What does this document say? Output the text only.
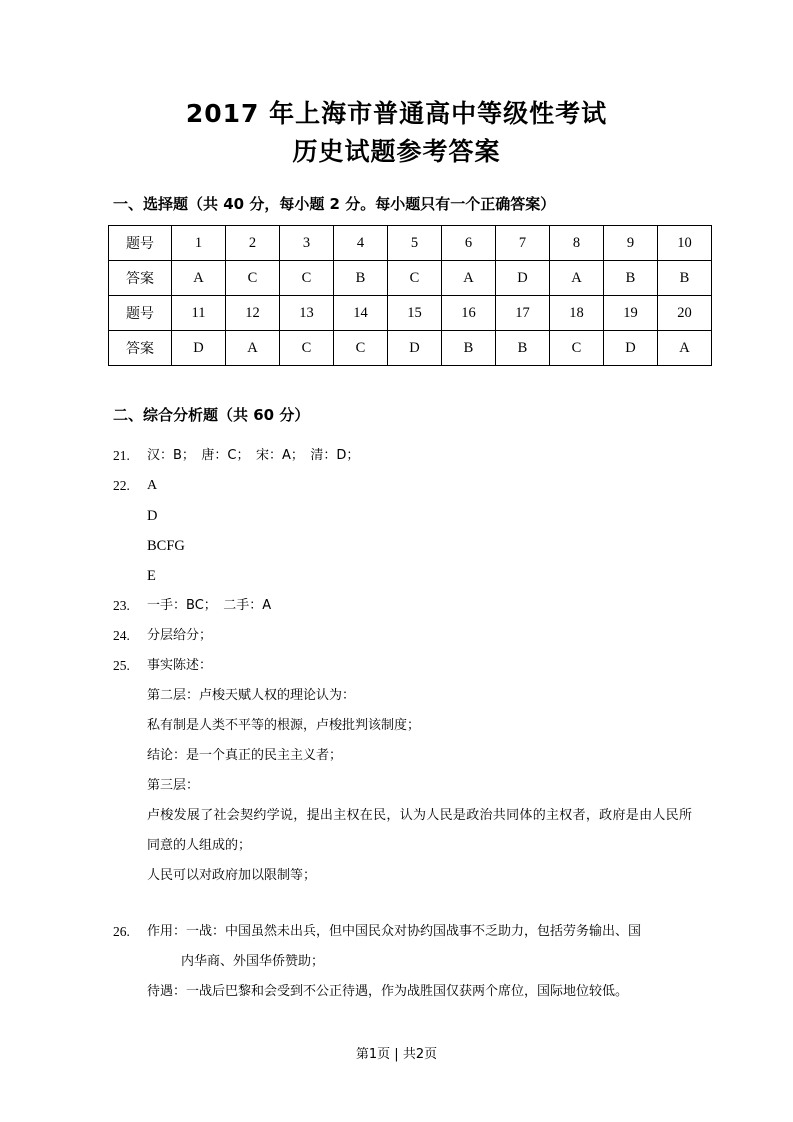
2017 年上海市普通高中等级性考试
历史试题参考答案
一、选择题（共 40 分，每小题 2 分。每小题只有一个正确答案）
题号	1	2	3	4	5	6	7	8	9	10
答案	A	C	C	B	C	A	D	A	B	B
题号	11	12	13	14	15	16	17	18	19	20
答案	D	A	C	C	D	B	B	C	D	A
二、综合分析题（共 60 分）
21.	汉：B；　唐：C；　宋：A；　清：D；
22.	A
D
BCFG
E
23.	一手：BC；　二手：A
24.	分层给分；
25.	事实陈述：
第二层：卢梭天赋人权的理论认为：
私有制是人类不平等的根源，卢梭批判该制度；
结论：是一个真正的民主主义者；
第三层：
卢梭发展了社会契约学说，提出主权在民，认为人民是政治共同体的主权者，政府是由人民所同意的人组成的；
人民可以对政府加以限制等；
26.	作用：一战：中国虽然未出兵，但中国民众对协约国战事不乏助力，包括劳务输出、国
内华商、外国华侨赞助；
待遇：一战后巴黎和会受到不公正待遇，作为战胜国仅获两个席位，国际地位较低。
第1页 | 共2页
